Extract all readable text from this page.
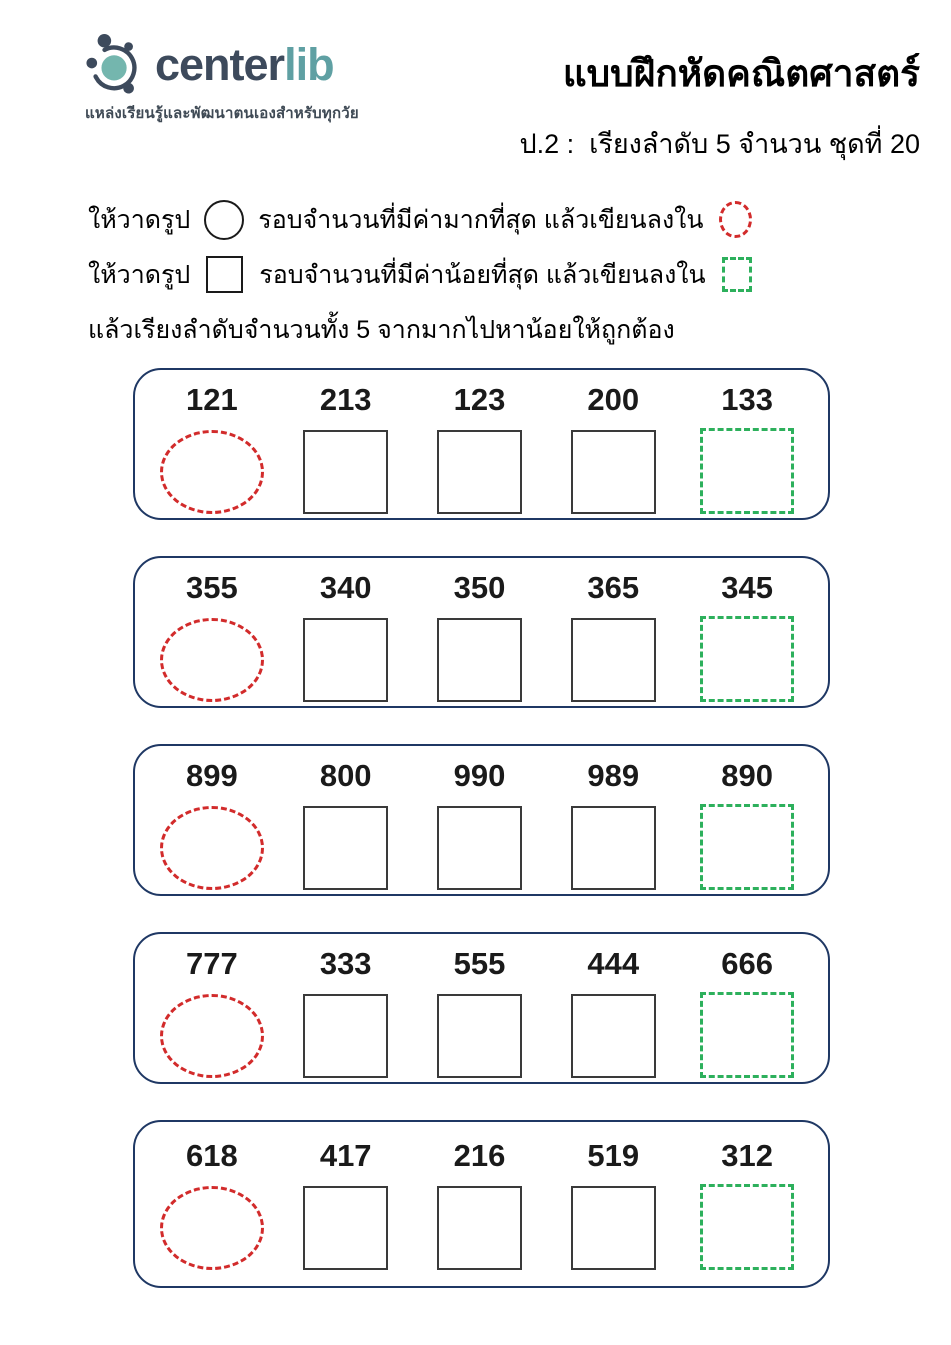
centerlib
แหล่งเรียนรู้และพัฒนาตนเองสำหรับทุกวัย
แบบฝึกหัดคณิตศาสตร์
ป.2 :  เรียงลำดับ 5 จำนวน ชุดที่ 20
ให้วาดรูป	รอบจำนวนที่มีค่ามากที่สุด แล้วเขียนลงใน
ให้วาดรูป	รอบจำนวนที่มีค่าน้อยที่สุด แล้วเขียนลงใน
แล้วเรียงลำดับจำนวนทั้ง 5 จากมากไปหาน้อยให้ถูกต้อง
121	213	123	200	133
355	340	350	365	345
899	800	990	989	890
777	333	555	444	666
618	417	216	519	312
